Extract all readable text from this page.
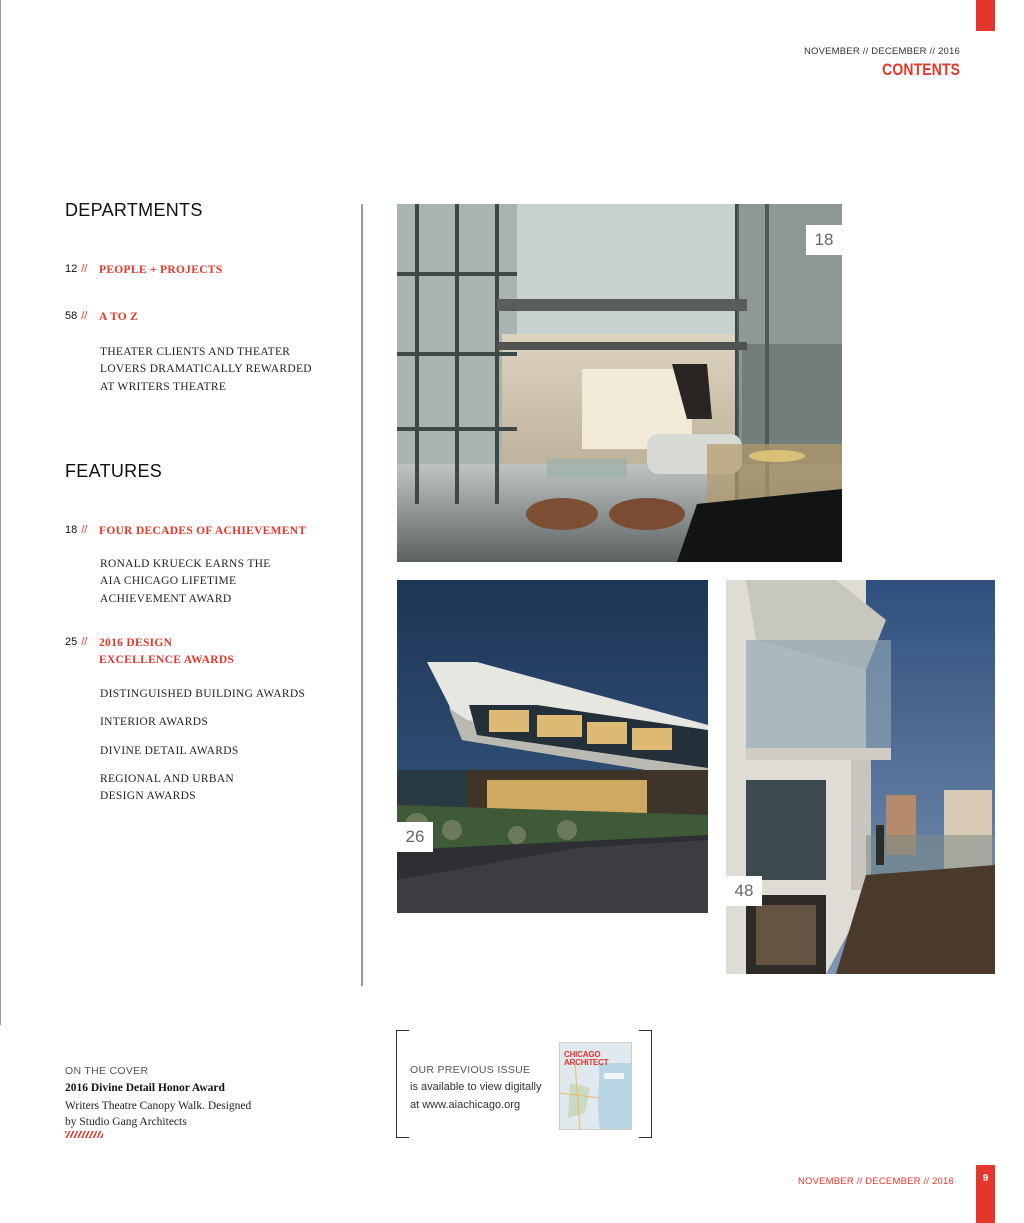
NOVEMBER // DECEMBER // 2016
CONTENTS
DEPARTMENTS
12 // PEOPLE + PROJECTS
58 // A TO Z
THEATER CLIENTS AND THEATER
LOVERS DRAMATICALLY REWARDED
AT WRITERS THEATRE
FEATURES
18 // FOUR DECADES OF ACHIEVEMENT
RONALD KRUECK EARNS THE
AIA CHICAGO LIFETIME
ACHIEVEMENT AWARD
25 // 2016 DESIGN
EXCELLENCE AWARDS
DISTINGUISHED BUILDING AWARDS
INTERIOR AWARDS
DIVINE DETAIL AWARDS
REGIONAL AND URBAN
DESIGN AWARDS
18
26
48
ON THE COVER
2016 Divine Detail Honor Award
Writers Theatre Canopy Walk. Designed
by Studio Gang Architects
OUR PREVIOUS ISSUE
is available to view digitally
at www.aiachicago.org
CHICAGO
ARCHITECT
NOVEMBER // DECEMBER // 2016	9
